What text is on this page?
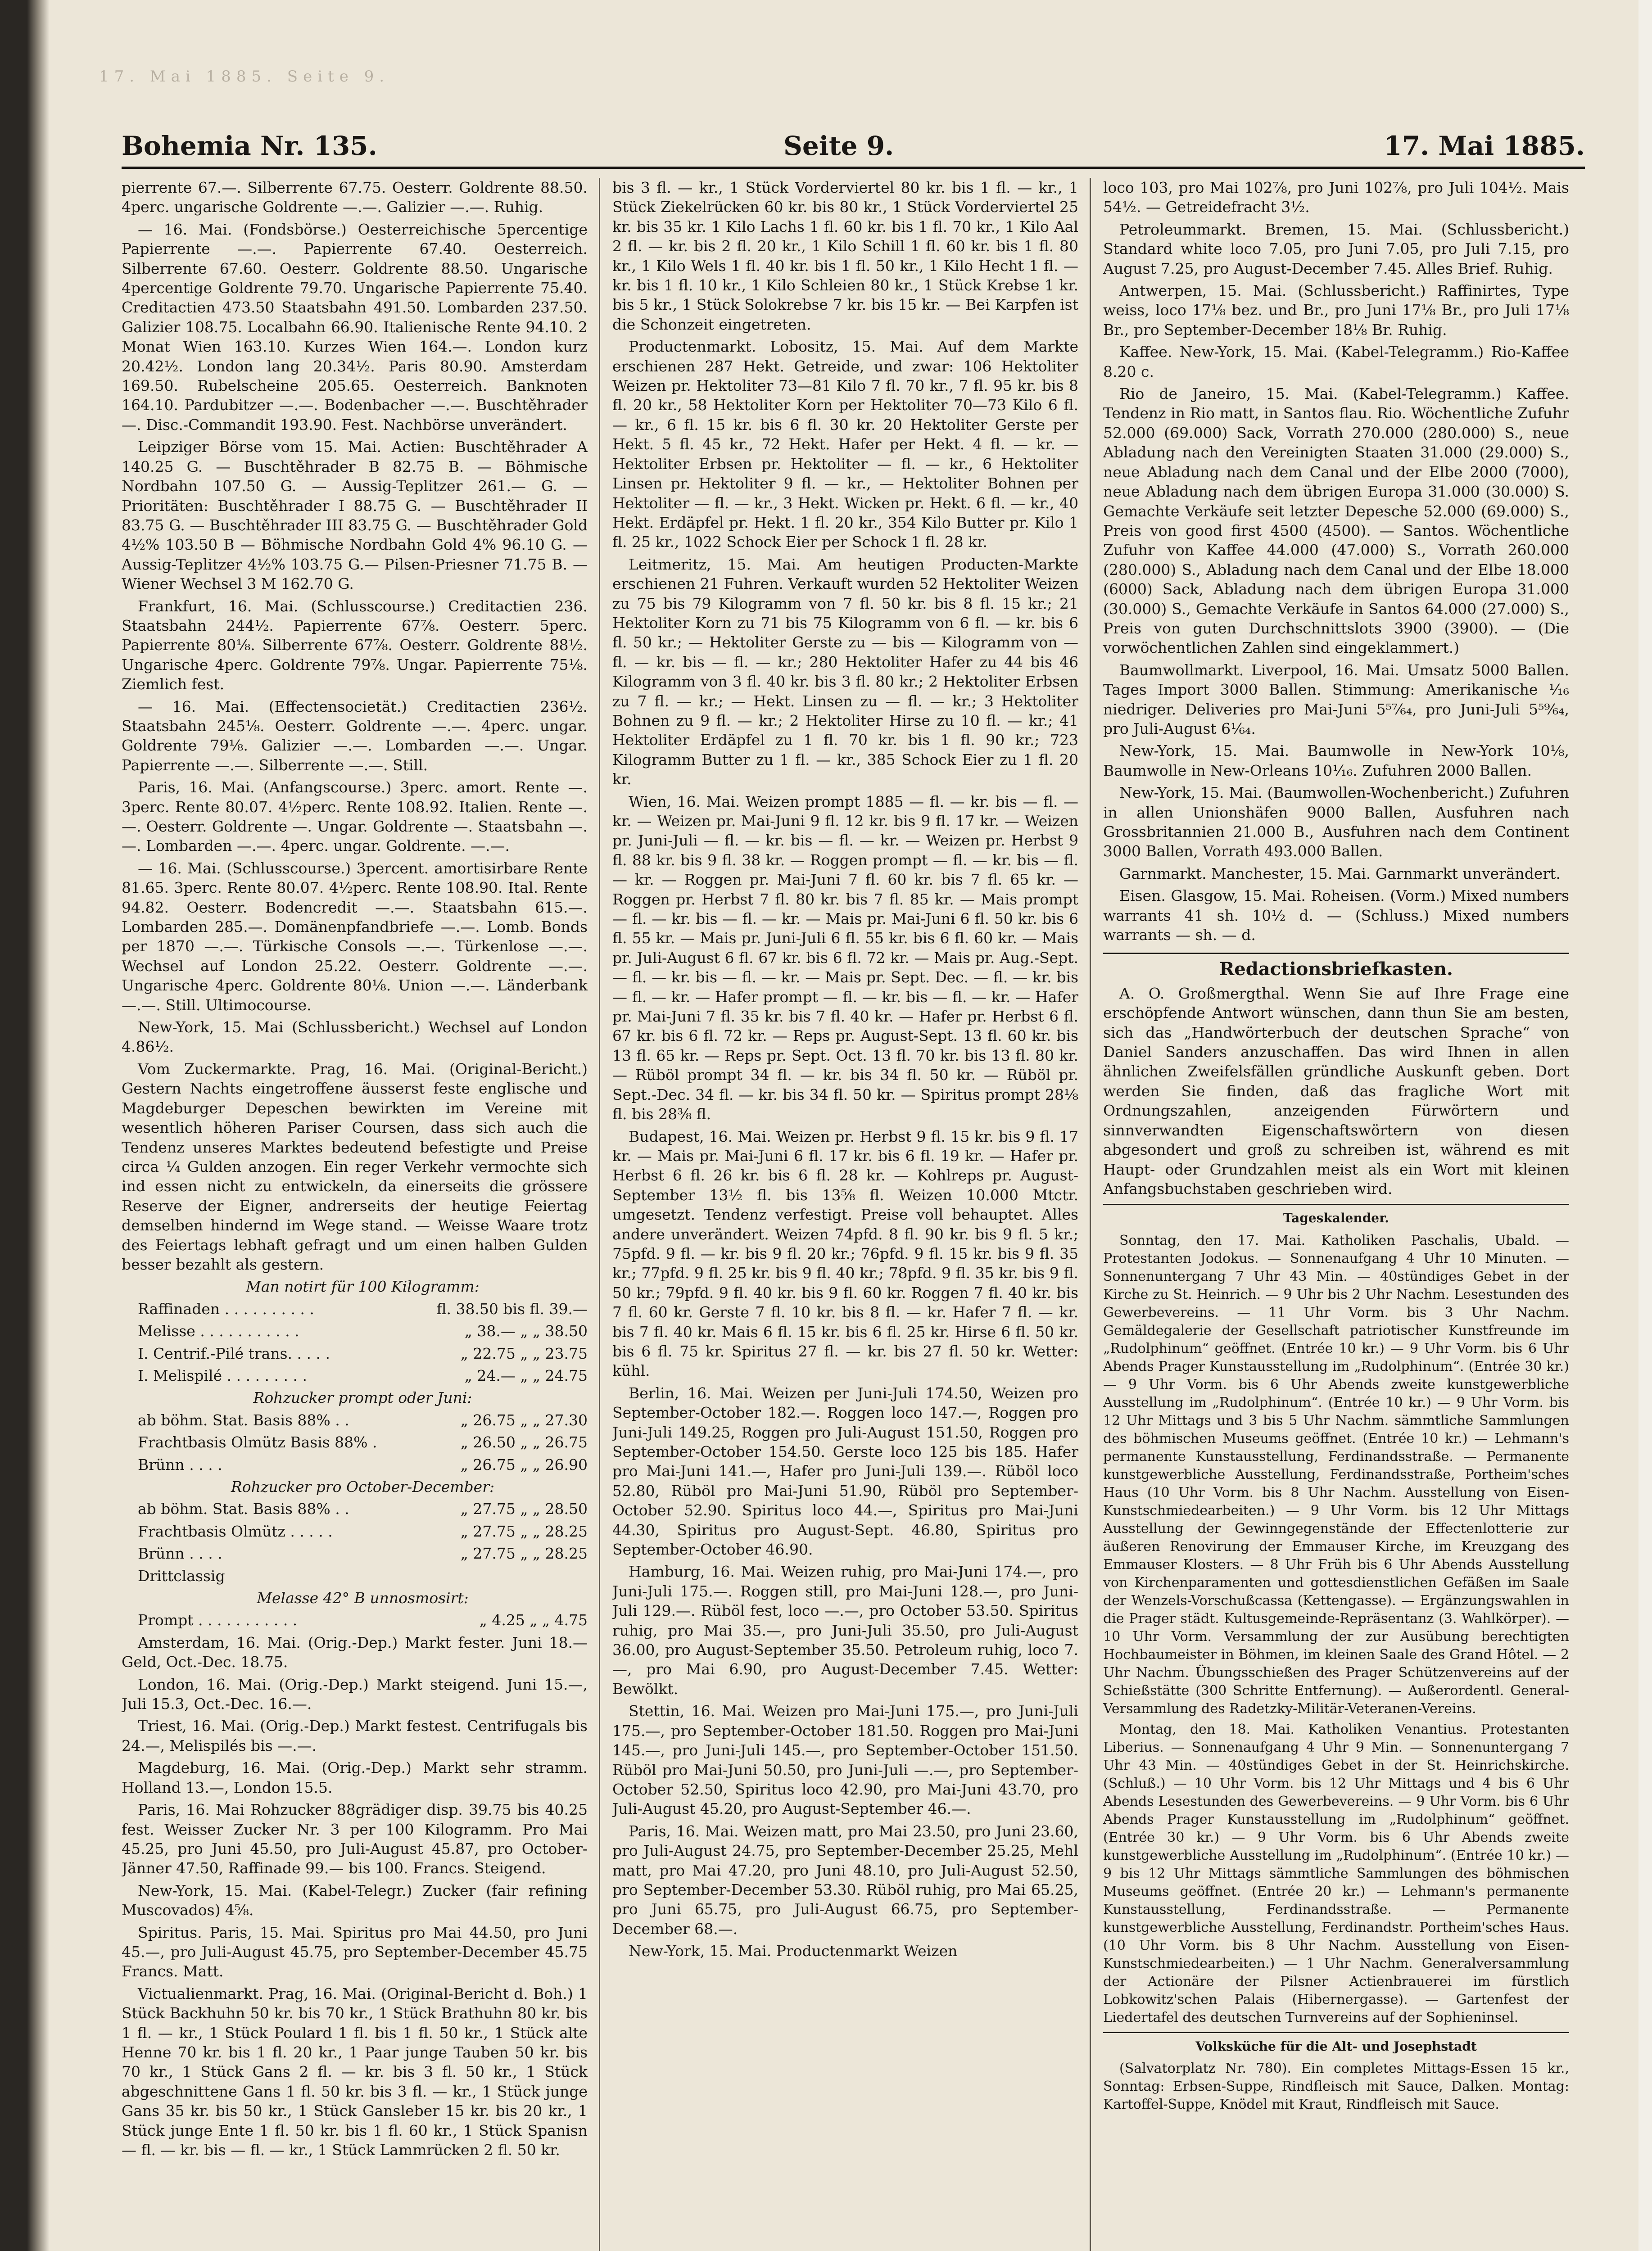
17. Mai 1885. Seite 9.
Bohemia Nr. 135.	Seite 9.	17. Mai 1885.

pierrente 67.—. Silberrente 67.75. Oesterr. Goldrente 88.50. 4perc. ungarische Goldrente —.—. Galizier —.—. Ruhig.

— 16. Mai. (Fondsbörse.) Oesterreichische 5percentige Papierrente —.—. Papierrente 67.40. Oesterreich. Silberrente 67.60. Oesterr. Goldrente 88.50. Ungarische 4percentige Goldrente 79.70. Ungarische Papierrente 75.40. Creditactien 473.50 Staatsbahn 491.50. Lombarden 237.50. Galizier 108.75. Localbahn 66.90. Italienische Rente 94.10. 2 Monat Wien 163.10. Kurzes Wien 164.—. London kurz 20.42½. London lang 20.34½. Paris 80.90. Amsterdam 169.50. Rubelscheine 205.65. Oesterreich. Banknoten 164.10. Pardubitzer —.—. Bodenbacher —.—. Buschtěhrader —. Disc.-Commandit 193.90. Fest. Nachbörse unverändert.

Leipziger Börse vom 15. Mai. Actien: Buschtěhrader A 140.25 G. — Buschtěhrader B 82.75 B. — Böhmische Nordbahn 107.50 G. — Aussig-Teplitzer 261.— G. — Prioritäten: Buschtěhrader I 88.75 G. — Buschtěhrader II 83.75 G. — Buschtěhrader III 83.75 G. — Buschtěhrader Gold 4½% 103.50 B — Böhmische Nordbahn Gold 4% 96.10 G. — Aussig-Teplitzer 4½% 103.75 G.— Pilsen-Priesner 71.75 B. — Wiener Wechsel 3 M 162.70 G.

Frankfurt, 16. Mai. (Schlusscourse.) Creditactien 236. Staatsbahn 244½. Papierrente 67⅞. Oesterr. 5perc. Papierrente 80⅛. Silberrente 67⅞. Oesterr. Goldrente 88½. Ungarische 4perc. Goldrente 79⅞. Ungar. Papierrente 75⅛. Ziemlich fest.

— 16. Mai. (Effectensocietät.) Creditactien 236½. Staatsbahn 245⅛. Oesterr. Goldrente —.—. 4perc. ungar. Goldrente 79⅛. Galizier —.—. Lombarden —.—. Ungar. Papierrente —.—. Silberrente —.—. Still.

Paris, 16. Mai. (Anfangscourse.) 3perc. amort. Rente —. 3perc. Rente 80.07. 4½perc. Rente 108.92. Italien. Rente —.—. Oesterr. Goldrente —. Ungar. Goldrente —. Staatsbahn —.—. Lombarden —.—. 4perc. ungar. Goldrente. —.—.

— 16. Mai. (Schlusscourse.) 3percent. amortisirbare Rente 81.65. 3perc. Rente 80.07. 4½perc. Rente 108.90. Ital. Rente 94.82. Oesterr. Bodencredit —.—. Staatsbahn 615.—. Lombarden 285.—. Domänenpfandbriefe —.—. Lomb. Bonds per 1870 —.—. Türkische Consols —.—. Türkenlose —.—. Wechsel auf London 25.22. Oesterr. Goldrente —.—. Ungarische 4perc. Goldrente 80⅛. Union —.—. Länderbank —.—. Still. Ultimocourse.

New-York, 15. Mai (Schlussbericht.) Wechsel auf London 4.86½.

Vom Zuckermarkte. Prag, 16. Mai. (Original-Bericht.) Gestern Nachts eingetroffene äusserst feste englische und Magdeburger Depeschen bewirkten im Vereine mit wesentlich höheren Pariser Coursen, dass sich auch die Tendenz unseres Marktes bedeutend befestigte und Preise circa ¼ Gulden anzogen. Ein reger Verkehr vermochte sich ind essen nicht zu entwickeln, da einerseits die grössere Reserve der Eigner, andrerseits der heutige Feiertag demselben hindernd im Wege stand. — Weisse Waare trotz des Feiertags lebhaft gefragt und um einen halben Gulden besser bezahlt als gestern.

Man notirt für 100 Kilogramm:

Raffinaden . . . . . . . . . .	fl. 38.50 bis fl. 39.—

Melisse . . . . . . . . . . .	„ 38.— „ „ 38.50

I. Centrif.-Pilé trans. . . . .	„ 22.75 „ „ 23.75

I. Melispilé . . . . . . . . .	„ 24.— „ „ 24.75

Rohzucker prompt oder Juni:

ab böhm. Stat. Basis 88% . .	„ 26.75 „ „ 27.30

Frachtbasis Olmütz Basis 88% .	„ 26.50 „ „ 26.75

Brünn . . . .	„ 26.75 „ „ 26.90

Rohzucker pro October-December:

ab böhm. Stat. Basis 88% . .	„ 27.75 „ „ 28.50

Frachtbasis Olmütz . . . . .	„ 27.75 „ „ 28.25

Brünn . . . .	„ 27.75 „ „ 28.25

Drittclassig

Melasse 42° B unnosmosirt:

Prompt . . . . . . . . . . .	„ 4.25 „ „ 4.75

Amsterdam, 16. Mai. (Orig.-Dep.) Markt fester. Juni 18.— Geld, Oct.-Dec. 18.75.

London, 16. Mai. (Orig.-Dep.) Markt steigend. Juni 15.—, Juli 15.3, Oct.-Dec. 16.—.

Triest, 16. Mai. (Orig.-Dep.) Markt festest. Centrifugals bis 24.—, Melispilés bis —.—.

Magdeburg, 16. Mai. (Orig.-Dep.) Markt sehr stramm. Holland 13.—, London 15.5.

Paris, 16. Mai Rohzucker 88grädiger disp. 39.75 bis 40.25 fest. Weisser Zucker Nr. 3 per 100 Kilogramm. Pro Mai 45.25, pro Juni 45.50, pro Juli-August 45.87, pro October-Jänner 47.50, Raffinade 99.— bis 100. Francs. Steigend.

New-York, 15. Mai. (Kabel-Telegr.) Zucker (fair refining Muscovados) 4⅝.

Spiritus. Paris, 15. Mai. Spiritus pro Mai 44.50, pro Juni 45.—, pro Juli-August 45.75, pro September-December 45.75 Francs. Matt.

Victualienmarkt. Prag, 16. Mai. (Original-Bericht d. Boh.) 1 Stück Backhuhn 50 kr. bis 70 kr., 1 Stück Brathuhn 80 kr. bis 1 fl. — kr., 1 Stück Poulard 1 fl. bis 1 fl. 50 kr., 1 Stück alte Henne 70 kr. bis 1 fl. 20 kr., 1 Paar junge Tauben 50 kr. bis 70 kr., 1 Stück Gans 2 fl. — kr. bis 3 fl. 50 kr., 1 Stück abgeschnittene Gans 1 fl. 50 kr. bis 3 fl. — kr., 1 Stück junge Gans 35 kr. bis 50 kr., 1 Stück Gansleber 15 kr. bis 20 kr., 1 Stück junge Ente 1 fl. 50 kr. bis 1 fl. 60 kr., 1 Stück Spanisn — fl. — kr. bis — fl. — kr., 1 Stück Lammrücken 2 fl. 50 kr.

bis 3 fl. — kr., 1 Stück Vorderviertel 80 kr. bis 1 fl. — kr., 1 Stück Ziekelrücken 60 kr. bis 80 kr., 1 Stück Vorderviertel 25 kr. bis 35 kr. 1 Kilo Lachs 1 fl. 60 kr. bis 1 fl. 70 kr., 1 Kilo Aal 2 fl. — kr. bis 2 fl. 20 kr., 1 Kilo Schill 1 fl. 60 kr. bis 1 fl. 80 kr., 1 Kilo Wels 1 fl. 40 kr. bis 1 fl. 50 kr., 1 Kilo Hecht 1 fl. — kr. bis 1 fl. 10 kr., 1 Kilo Schleien 80 kr., 1 Stück Krebse 1 kr. bis 5 kr., 1 Stück Solokrebse 7 kr. bis 15 kr. — Bei Karpfen ist die Schonzeit eingetreten.

Productenmarkt. Lobositz, 15. Mai. Auf dem Markte erschienen 287 Hekt. Getreide, und zwar: 106 Hektoliter Weizen pr. Hektoliter 73—81 Kilo 7 fl. 70 kr., 7 fl. 95 kr. bis 8 fl. 20 kr., 58 Hektoliter Korn per Hektoliter 70—73 Kilo 6 fl. — kr., 6 fl. 15 kr. bis 6 fl. 30 kr. 20 Hektoliter Gerste per Hekt. 5 fl. 45 kr., 72 Hekt. Hafer per Hekt. 4 fl. — kr. — Hektoliter Erbsen pr. Hektoliter — fl. — kr., 6 Hektoliter Linsen pr. Hektoliter 9 fl. — kr., — Hektoliter Bohnen per Hektoliter — fl. — kr., 3 Hekt. Wicken pr. Hekt. 6 fl. — kr., 40 Hekt. Erdäpfel pr. Hekt. 1 fl. 20 kr., 354 Kilo Butter pr. Kilo 1 fl. 25 kr., 1022 Schock Eier per Schock 1 fl. 28 kr.

Leitmeritz, 15. Mai. Am heutigen Producten-Markte erschienen 21 Fuhren. Verkauft wurden 52 Hektoliter Weizen zu 75 bis 79 Kilogramm von 7 fl. 50 kr. bis 8 fl. 15 kr.; 21 Hektoliter Korn zu 71 bis 75 Kilogramm von 6 fl. — kr. bis 6 fl. 50 kr.; — Hektoliter Gerste zu — bis — Kilogramm von — fl. — kr. bis — fl. — kr.; 280 Hektoliter Hafer zu 44 bis 46 Kilogramm von 3 fl. 40 kr. bis 3 fl. 80 kr.; 2 Hektoliter Erbsen zu 7 fl. — kr.; — Hekt. Linsen zu — fl. — kr.; 3 Hektoliter Bohnen zu 9 fl. — kr.; 2 Hektoliter Hirse zu 10 fl. — kr.; 41 Hektoliter Erdäpfel zu 1 fl. 70 kr. bis 1 fl. 90 kr.; 723 Kilogramm Butter zu 1 fl. — kr., 385 Schock Eier zu 1 fl. 20 kr.

Wien, 16. Mai. Weizen prompt 1885 — fl. — kr. bis — fl. — kr. — Weizen pr. Mai-Juni 9 fl. 12 kr. bis 9 fl. 17 kr. — Weizen pr. Juni-Juli — fl. — kr. bis — fl. — kr. — Weizen pr. Herbst 9 fl. 88 kr. bis 9 fl. 38 kr. — Roggen prompt — fl. — kr. bis — fl. — kr. — Roggen pr. Mai-Juni 7 fl. 60 kr. bis 7 fl. 65 kr. — Roggen pr. Herbst 7 fl. 80 kr. bis 7 fl. 85 kr. — Mais prompt — fl. — kr. bis — fl. — kr. — Mais pr. Mai-Juni 6 fl. 50 kr. bis 6 fl. 55 kr. — Mais pr. Juni-Juli 6 fl. 55 kr. bis 6 fl. 60 kr. — Mais pr. Juli-August 6 fl. 67 kr. bis 6 fl. 72 kr. — Mais pr. Aug.-Sept. — fl. — kr. bis — fl. — kr. — Mais pr. Sept. Dec. — fl. — kr. bis — fl. — kr. — Hafer prompt — fl. — kr. bis — fl. — kr. — Hafer pr. Mai-Juni 7 fl. 35 kr. bis 7 fl. 40 kr. — Hafer pr. Herbst 6 fl. 67 kr. bis 6 fl. 72 kr. — Reps pr. August-Sept. 13 fl. 60 kr. bis 13 fl. 65 kr. — Reps pr. Sept. Oct. 13 fl. 70 kr. bis 13 fl. 80 kr. — Rüböl prompt 34 fl. — kr. bis 34 fl. 50 kr. — Rüböl pr. Sept.-Dec. 34 fl. — kr. bis 34 fl. 50 kr. — Spiritus prompt 28⅛ fl. bis 28⅜ fl.

Budapest, 16. Mai. Weizen pr. Herbst 9 fl. 15 kr. bis 9 fl. 17 kr. — Mais pr. Mai-Juni 6 fl. 17 kr. bis 6 fl. 19 kr. — Hafer pr. Herbst 6 fl. 26 kr. bis 6 fl. 28 kr. — Kohlreps pr. August-September 13½ fl. bis 13⅝ fl. Weizen 10.000 Mtctr. umgesetzt. Tendenz verfestigt. Preise voll behauptet. Alles andere unverändert. Weizen 74pfd. 8 fl. 90 kr. bis 9 fl. 5 kr.; 75pfd. 9 fl. — kr. bis 9 fl. 20 kr.; 76pfd. 9 fl. 15 kr. bis 9 fl. 35 kr.; 77pfd. 9 fl. 25 kr. bis 9 fl. 40 kr.; 78pfd. 9 fl. 35 kr. bis 9 fl. 50 kr.; 79pfd. 9 fl. 40 kr. bis 9 fl. 60 kr. Roggen 7 fl. 40 kr. bis 7 fl. 60 kr. Gerste 7 fl. 10 kr. bis 8 fl. — kr. Hafer 7 fl. — kr. bis 7 fl. 40 kr. Mais 6 fl. 15 kr. bis 6 fl. 25 kr. Hirse 6 fl. 50 kr. bis 6 fl. 75 kr. Spiritus 27 fl. — kr. bis 27 fl. 50 kr. Wetter: kühl.

Berlin, 16. Mai. Weizen per Juni-Juli 174.50, Weizen pro September-October 182.—. Roggen loco 147.—, Roggen pro Juni-Juli 149.25, Roggen pro Juli-August 151.50, Roggen pro September-October 154.50. Gerste loco 125 bis 185. Hafer pro Mai-Juni 141.—, Hafer pro Juni-Juli 139.—. Rüböl loco 52.80, Rüböl pro Mai-Juni 51.90, Rüböl pro September-October 52.90. Spiritus loco 44.—, Spiritus pro Mai-Juni 44.30, Spiritus pro August-Sept. 46.80, Spiritus pro September-October 46.90.

Hamburg, 16. Mai. Weizen ruhig, pro Mai-Juni 174.—, pro Juni-Juli 175.—. Roggen still, pro Mai-Juni 128.—, pro Juni-Juli 129.—. Rüböl fest, loco —.—, pro October 53.50. Spiritus ruhig, pro Mai 35.—, pro Juni-Juli 35.50, pro Juli-August 36.00, pro August-September 35.50. Petroleum ruhig, loco 7.—, pro Mai 6.90, pro August-December 7.45. Wetter: Bewölkt.

Stettin, 16. Mai. Weizen pro Mai-Juni 175.—, pro Juni-Juli 175.—, pro September-October 181.50. Roggen pro Mai-Juni 145.—, pro Juni-Juli 145.—, pro September-October 151.50. Rüböl pro Mai-Juni 50.50, pro Juni-Juli —.—, pro September-October 52.50, Spiritus loco 42.90, pro Mai-Juni 43.70, pro Juli-August 45.20, pro August-September 46.—.

Paris, 16. Mai. Weizen matt, pro Mai 23.50, pro Juni 23.60, pro Juli-August 24.75, pro September-December 25.25, Mehl matt, pro Mai 47.20, pro Juni 48.10, pro Juli-August 52.50, pro September-December 53.30. Rüböl ruhig, pro Mai 65.25, pro Juni 65.75, pro Juli-August 66.75, pro September-December 68.—.

New-York, 15. Mai. Productenmarkt Weizen

loco 103, pro Mai 102⅞, pro Juni 102⅞, pro Juli 104½. Mais 54½. — Getreidefracht 3½.

Petroleummarkt. Bremen, 15. Mai. (Schlussbericht.) Standard white loco 7.05, pro Juni 7.05, pro Juli 7.15, pro August 7.25, pro August-December 7.45. Alles Brief. Ruhig.

Antwerpen, 15. Mai. (Schlussbericht.) Raffinirtes, Type weiss, loco 17⅛ bez. und Br., pro Juni 17⅛ Br., pro Juli 17⅛ Br., pro September-December 18⅛ Br. Ruhig.

Kaffee. New-York, 15. Mai. (Kabel-Telegramm.) Rio-Kaffee 8.20 c.

Rio de Janeiro, 15. Mai. (Kabel-Telegramm.) Kaffee. Tendenz in Rio matt, in Santos flau. Rio. Wöchentliche Zufuhr 52.000 (69.000) Sack, Vorrath 270.000 (280.000) S., neue Abladung nach den Vereinigten Staaten 31.000 (29.000) S., neue Abladung nach dem Canal und der Elbe 2000 (7000), neue Abladung nach dem übrigen Europa 31.000 (30.000) S. Gemachte Verkäufe seit letzter Depesche 52.000 (69.000) S., Preis von good first 4500 (4500). — Santos. Wöchentliche Zufuhr von Kaffee 44.000 (47.000) S., Vorrath 260.000 (280.000) S., Abladung nach dem Canal und der Elbe 18.000 (6000) Sack, Abladung nach dem übrigen Europa 31.000 (30.000) S., Gemachte Verkäufe in Santos 64.000 (27.000) S., Preis von guten Durchschnittslots 3900 (3900). — (Die vorwöchentlichen Zahlen sind eingeklammert.)

Baumwollmarkt. Liverpool, 16. Mai. Umsatz 5000 Ballen. Tages Import 3000 Ballen. Stimmung: Amerikanische ⅟₁₆ niedriger. Deliveries pro Mai-Juni 5⁵⁷⁄₆₄, pro Juni-Juli 5⁵⁹⁄₆₄, pro Juli-August 6⅟₆₄.

New-York, 15. Mai. Baumwolle in New-York 10⅛, Baumwolle in New-Orleans 10⅟₁₆. Zufuhren 2000 Ballen.

New-York, 15. Mai. (Baumwollen-Wochenbericht.) Zufuhren in allen Unionshäfen 9000 Ballen, Ausfuhren nach Grossbritannien 21.000 B., Ausfuhren nach dem Continent 3000 Ballen, Vorrath 493.000 Ballen.

Garnmarkt. Manchester, 15. Mai. Garnmarkt unverändert.

Eisen. Glasgow, 15. Mai. Roheisen. (Vorm.) Mixed numbers warrants 41 sh. 10½ d. — (Schluss.) Mixed numbers warrants — sh. — d.

Redactionsbriefkasten.

A. O. Großmergthal. Wenn Sie auf Ihre Frage eine erschöpfende Antwort wünschen, dann thun Sie am besten, sich das „Handwörterbuch der deutschen Sprache“ von Daniel Sanders anzuschaffen. Das wird Ihnen in allen ähnlichen Zweifelsfällen gründliche Auskunft geben. Dort werden Sie finden, daß das fragliche Wort mit Ordnungszahlen, anzeigenden Fürwörtern und sinnverwandten Eigenschaftswörtern von diesen abgesondert und groß zu schreiben ist, während es mit Haupt- oder Grundzahlen meist als ein Wort mit kleinen Anfangsbuchstaben geschrieben wird.

Tageskalender.

Sonntag, den 17. Mai. Katholiken Paschalis, Ubald. — Protestanten Jodokus. — Sonnenaufgang 4 Uhr 10 Minuten. — Sonnenuntergang 7 Uhr 43 Min. — 40stündiges Gebet in der Kirche zu St. Heinrich. — 9 Uhr bis 2 Uhr Nachm. Lesestunden des Gewerbevereins. — 11 Uhr Vorm. bis 3 Uhr Nachm. Gemäldegalerie der Gesellschaft patriotischer Kunstfreunde im „Rudolphinum“ geöffnet. (Entrée 10 kr.) — 9 Uhr Vorm. bis 6 Uhr Abends Prager Kunstausstellung im „Rudolphinum“. (Entrée 30 kr.) — 9 Uhr Vorm. bis 6 Uhr Abends zweite kunstgewerbliche Ausstellung im „Rudolphinum“. (Entrée 10 kr.) — 9 Uhr Vorm. bis 12 Uhr Mittags und 3 bis 5 Uhr Nachm. sämmtliche Sammlungen des böhmischen Museums geöffnet. (Entrée 10 kr.) — Lehmann's permanente Kunstausstellung, Ferdinandsstraße. — Permanente kunstgewerbliche Ausstellung, Ferdinandsstraße, Portheim'sches Haus (10 Uhr Vorm. bis 8 Uhr Nachm. Ausstellung von Eisen-Kunstschmiedearbeiten.) — 9 Uhr Vorm. bis 12 Uhr Mittags Ausstellung der Gewinngegenstände der Effectenlotterie zur äußeren Renovirung der Emmauser Kirche, im Kreuzgang des Emmauser Klosters. — 8 Uhr Früh bis 6 Uhr Abends Ausstellung von Kirchenparamenten und gottesdienstlichen Gefäßen im Saale der Wenzels-Vorschußcassa (Kettengasse). — Ergänzungswahlen in die Prager städt. Kultusgemeinde-Repräsentanz (3. Wahlkörper). — 10 Uhr Vorm. Versammlung der zur Ausübung berechtigten Hochbaumeister in Böhmen, im kleinen Saale des Grand Hôtel. — 2 Uhr Nachm. Übungsschießen des Prager Schützenvereins auf der Schießstätte (300 Schritte Entfernung). — Außerordentl. General-Versammlung des Radetzky-Militär-Veteranen-Vereins.

Montag, den 18. Mai. Katholiken Venantius. Protestanten Liberius. — Sonnenaufgang 4 Uhr 9 Min. — Sonnenuntergang 7 Uhr 43 Min. — 40stündiges Gebet in der St. Heinrichskirche. (Schluß.) — 10 Uhr Vorm. bis 12 Uhr Mittags und 4 bis 6 Uhr Abends Lesestunden des Gewerbevereins. — 9 Uhr Vorm. bis 6 Uhr Abends Prager Kunstausstellung im „Rudolphinum“ geöffnet. (Entrée 30 kr.) — 9 Uhr Vorm. bis 6 Uhr Abends zweite kunstgewerbliche Ausstellung im „Rudolphinum“. (Entrée 10 kr.) — 9 bis 12 Uhr Mittags sämmtliche Sammlungen des böhmischen Museums geöffnet. (Entrée 20 kr.) — Lehmann's permanente Kunstausstellung, Ferdinandsstraße. — Permanente kunstgewerbliche Ausstellung, Ferdinandstr. Portheim'sches Haus. (10 Uhr Vorm. bis 8 Uhr Nachm. Ausstellung von Eisen-Kunstschmiedearbeiten.) — 1 Uhr Nachm. Generalversammlung der Actionäre der Pilsner Actienbrauerei im fürstlich Lobkowitz'schen Palais (Hibernergasse). — Gartenfest der Liedertafel des deutschen Turnvereins auf der Sophieninsel.

Volksküche für die Alt- und Josephstadt

(Salvatorplatz Nr. 780). Ein completes Mittags-Essen 15 kr., Sonntag: Erbsen-Suppe, Rindfleisch mit Sauce, Dalken. Montag: Kartoffel-Suppe, Knödel mit Kraut, Rindfleisch mit Sauce.
